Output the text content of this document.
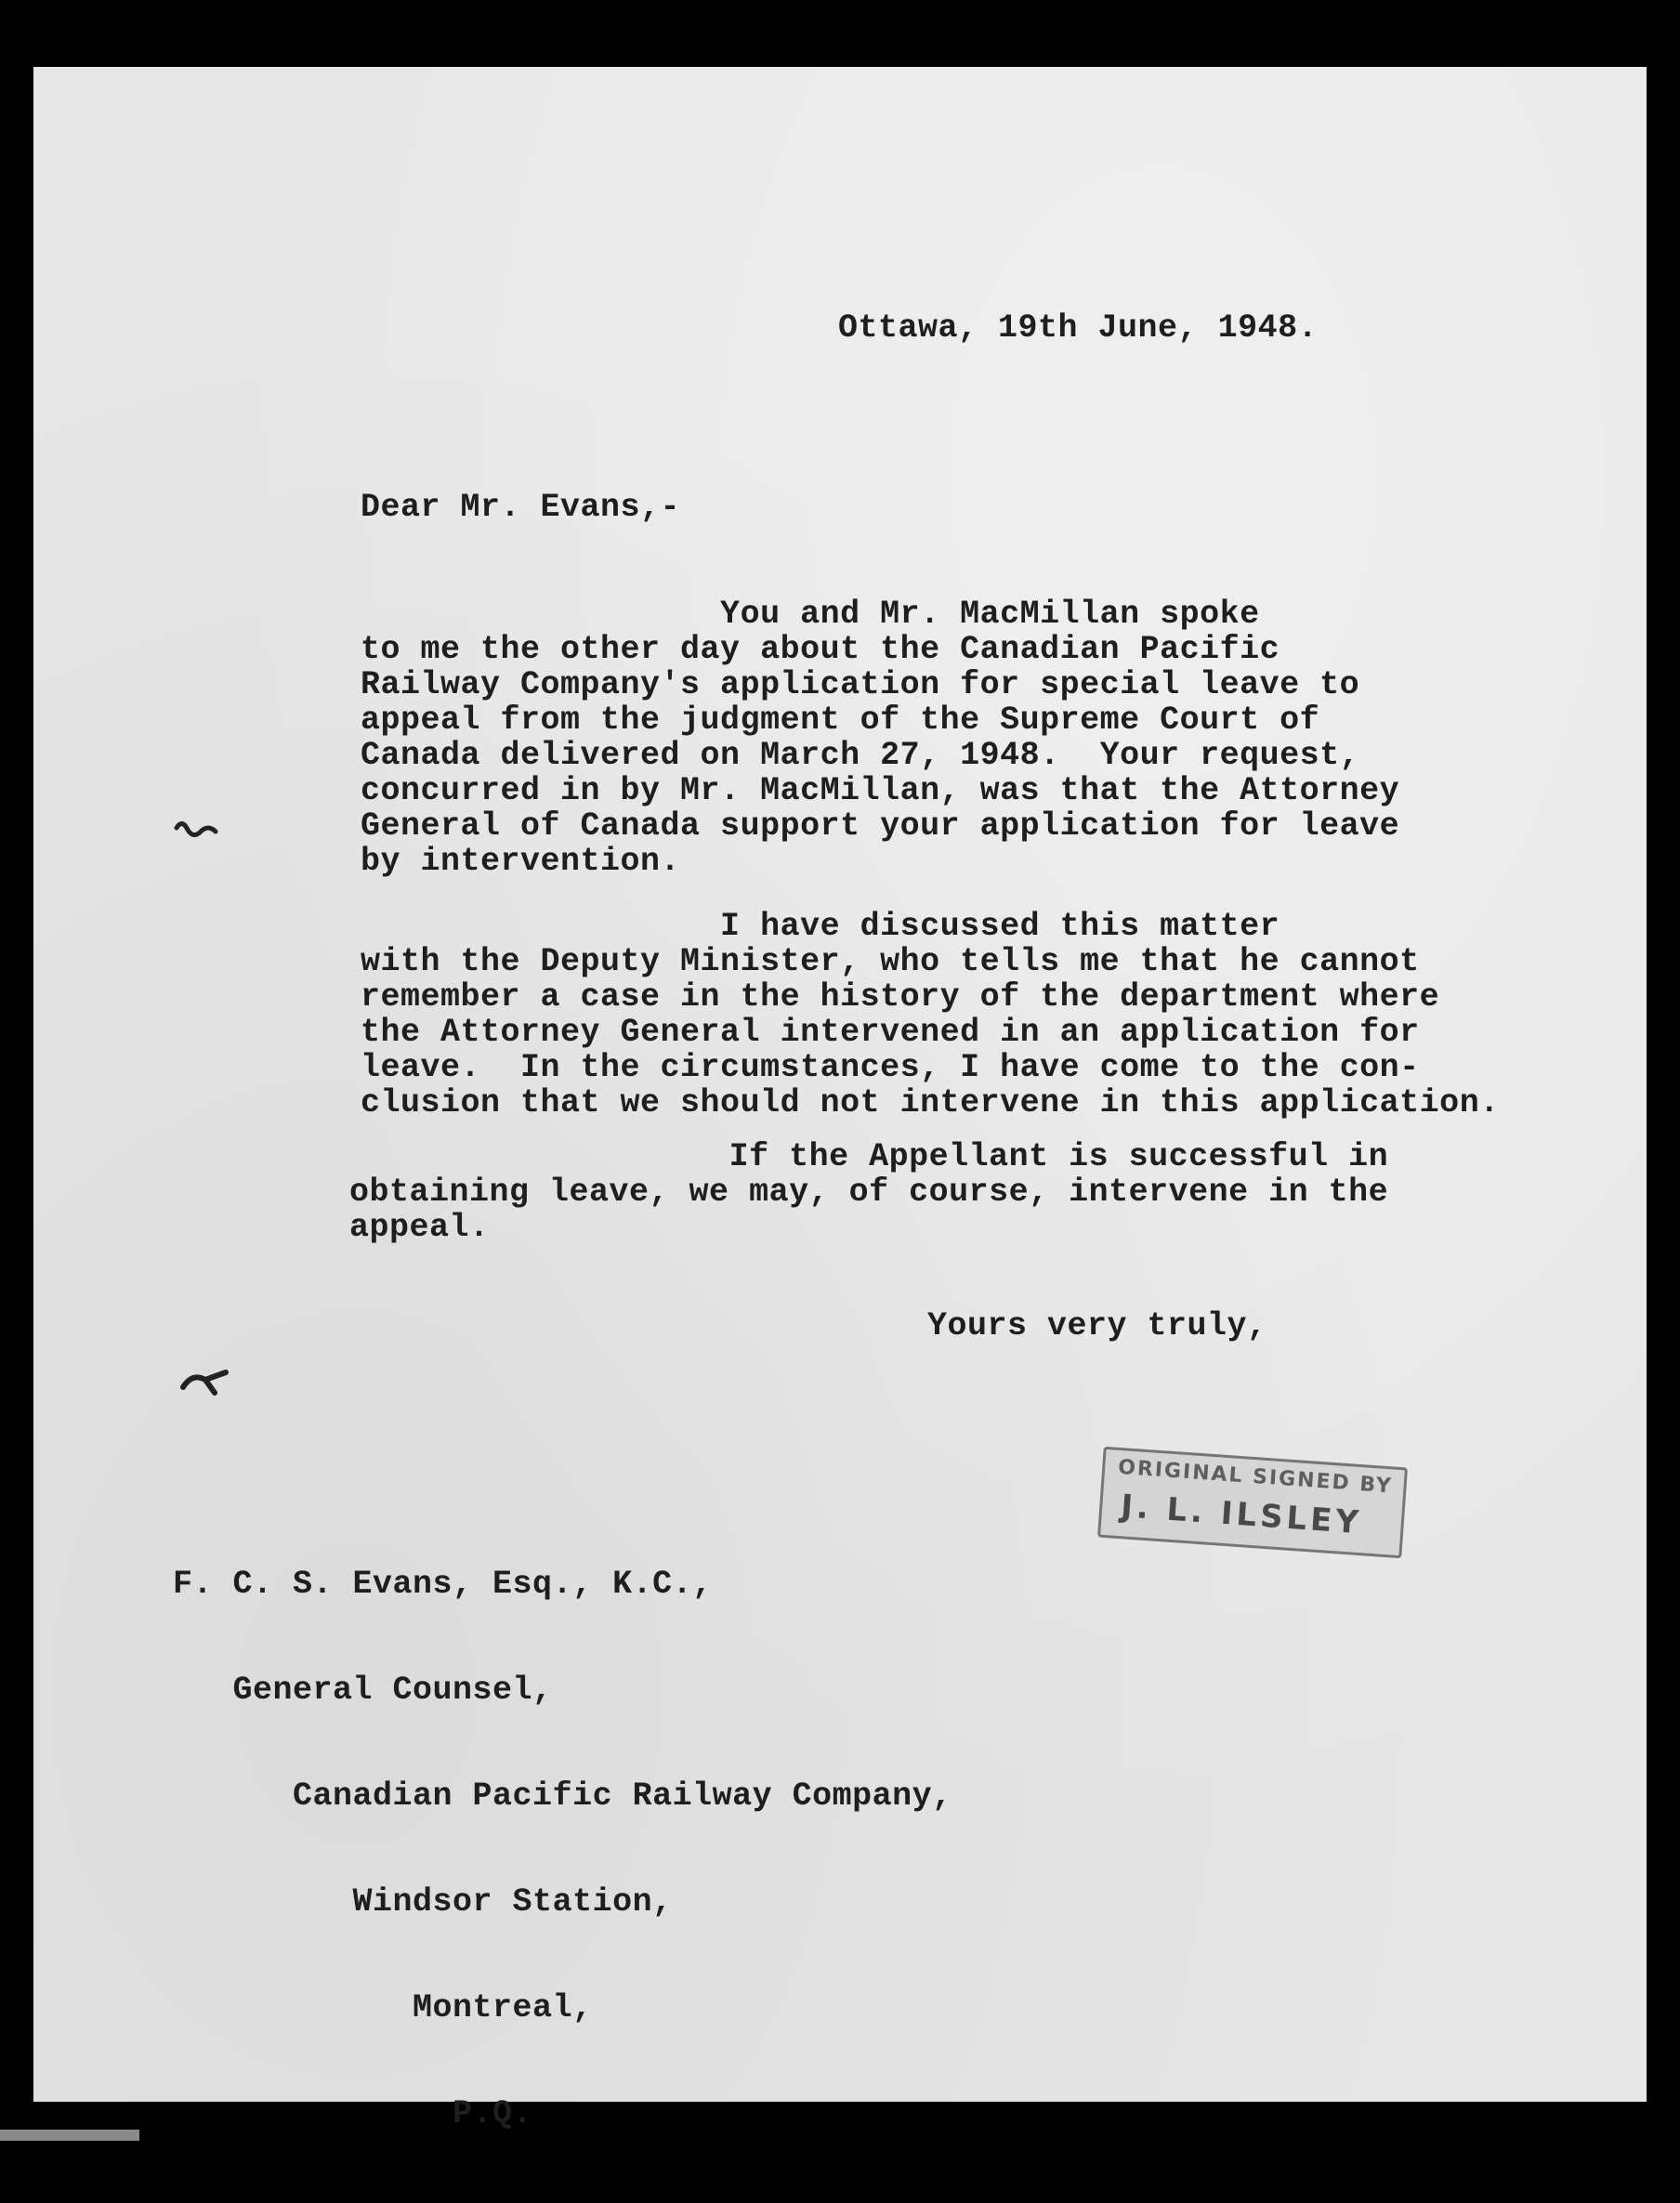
Ottawa, 19th June, 1948.

Dear Mr. Evans,-

You and Mr. MacMillan spoke
to me the other day about the Canadian Pacific
Railway Company's application for special leave to
appeal from the judgment of the Supreme Court of
Canada delivered on March 27, 1948.  Your request,
concurred in by Mr. MacMillan, was that the Attorney
General of Canada support your application for leave
by intervention.
I have discussed this matter
with the Deputy Minister, who tells me that he cannot
remember a case in the history of the department where
the Attorney General intervened in an application for
leave.  In the circumstances, I have come to the con-
clusion that we should not intervene in this application.
If the Appellant is successful in
obtaining leave, we may, of course, intervene in the
appeal.

Yours very truly,

ORIGINAL SIGNED BY
J. L. ILSLEY

F. C. S. Evans, Esq., K.C.,

General Counsel,

Canadian Pacific Railway Company,

Windsor Station,

Montreal,

P.Q.
